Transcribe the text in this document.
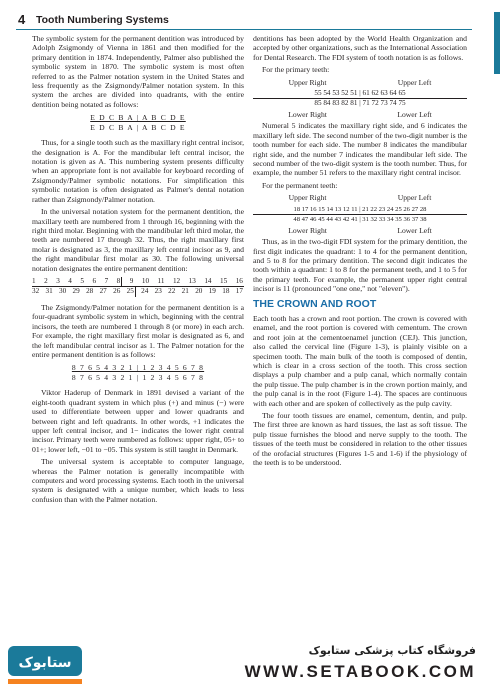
4 Tooth Numbering Systems

The symbolic system for the permanent dentition was introduced by Adolph Zsigmondy of Vienna in 1861 and then modified for the primary dentition in 1874. Independently, Palmer also published the symbolic system in 1870. The symbolic system is most often referred to as the Palmer notation system in the United States and less frequently as the Zsigmondy/Palmer notation system. In this system the arches are divided into quadrants, with the entire dentition being notated as follows:

E D C B A | A B C D E
E D C B A | A B C D E

Thus, for a single tooth such as the maxillary right central incisor, the designation is A. For the mandibular left central incisor, the notation is given as A. This numbering system presents difficulty when an appropriate font is not available for keyboard recording of Zsigmondy/Palmer symbolic notations. For simplification this symbolic notation is often designated as Palmer's dental notation rather than Zsigmondy/Palmer notation.

In the universal notation system for the permanent dentition, the maxillary teeth are numbered from 1 through 16, beginning with the right third molar. Beginning with the mandibular left third molar, the teeth are numbered 17 through 32. Thus, the right maxillary first molar is designated as 3, the maxillary left central incisor as 9, and the right mandibular first molar as 30. The following universal notation designates the entire permanent dentition:

1 2 3 4 5 6 7 8 9 10 11 12 13 14 15 16
32 31 30 29 28 27 26 25 24 23 22 21 20 19 18 17

The Zsigmondy/Palmer notation for the permanent dentition is a four-quadrant symbolic system in which, beginning with the central incisors, the teeth are numbered 1 through 8 (or more) in each arch. For example, the right maxillary first molar is designated as 6, and the left mandibular central incisor as 1. The Palmer notation for the entire permanent dentition is as follows:

8 7 6 5 4 3 2 1 | 1 2 3 4 5 6 7 8
8 7 6 5 4 3 2 1 | 1 2 3 4 5 6 7 8

Viktor Haderup of Denmark in 1891 devised a variant of the eight-tooth quadrant system in which plus (+) and minus (−) were used to differentiate between upper and lower quadrants and between right and left quadrants. In other words, +1 indicates the upper left central incisor, and 1− indicates the lower right central incisor. Primary teeth were numbered as follows: upper right, 05+ to 01+; lower left, −01 to −05. This system is still taught in Denmark.

The universal system is acceptable to computer language, whereas the Palmer notation is generally incompatible with computers and word processing systems. Each tooth in the universal system is designated with a unique number, which leads to less confusion than with the Palmer notation.

dentitions has been adopted by the World Health Organization and accepted by other organizations, such as the International Association for Dental Research. The FDI system of tooth notation is as follows.

For the primary teeth:

Upper Right	Upper Left
55 54 53 52 51 | 61 62 63 64 65
85 84 83 82 81 | 71 72 73 74 75
Lower Right	Lower Left

Numeral 5 indicates the maxillary right side, and 6 indicates the maxillary left side. The second number of the two-digit number is the tooth number for each side. The number 8 indicates the mandibular right side, and the number 7 indicates the mandibular left side. The second number of the two-digit system is the tooth number. Thus, for example, the number 51 refers to the maxillary right central incisor.

For the permanent teeth:

Upper Right	Upper Left
18 17 16 15 14 13 12 11 | 21 22 23 24 25 26 27 28
48 47 46 45 44 43 42 41 | 31 32 33 34 35 36 37 38
Lower Right	Lower Left

Thus, as in the two-digit FDI system for the primary dentition, the first digit indicates the quadrant: 1 to 4 for the permanent dentition, and 5 to 8 for the primary dentition. The second digit indicates the tooth within a quadrant: 1 to 8 for the permanent teeth, and 1 to 5 for the primary teeth. For example, the permanent upper right central incisor is 11 (pronounced "one one," not "eleven").

THE CROWN AND ROOT

Each tooth has a crown and root portion. The crown is covered with enamel, and the root portion is covered with cementum. The crown and root join at the cementoenamel junction (CEJ). This junction, also called the cervical line (Figure 1-3), is plainly visible on a specimen tooth. The main bulk of the tooth is composed of dentin, which is clear in a cross section of the tooth. This cross section displays a pulp chamber and a pulp canal, which normally contain the pulp tissue. The pulp chamber is in the crown portion mainly, and the pulp canal is in the root (Figure 1-4). The spaces are continuous with each other and are spoken of collectively as the pulp cavity.

The four tooth tissues are enamel, cementum, dentin, and pulp. The first three are known as hard tissues, the last as soft tissue. The pulp tissue furnishes the blood and nerve supply to the tooth. The tissues of the teeth must be considered in relation to the other tissues of the orofacial structures (Figures 1-5 and 1-6) if the physiology of the teeth is to be understood.

ستابوک
فروشگاه کتاب پزشکی ستابوک
WWW.SETABOOK.COM
